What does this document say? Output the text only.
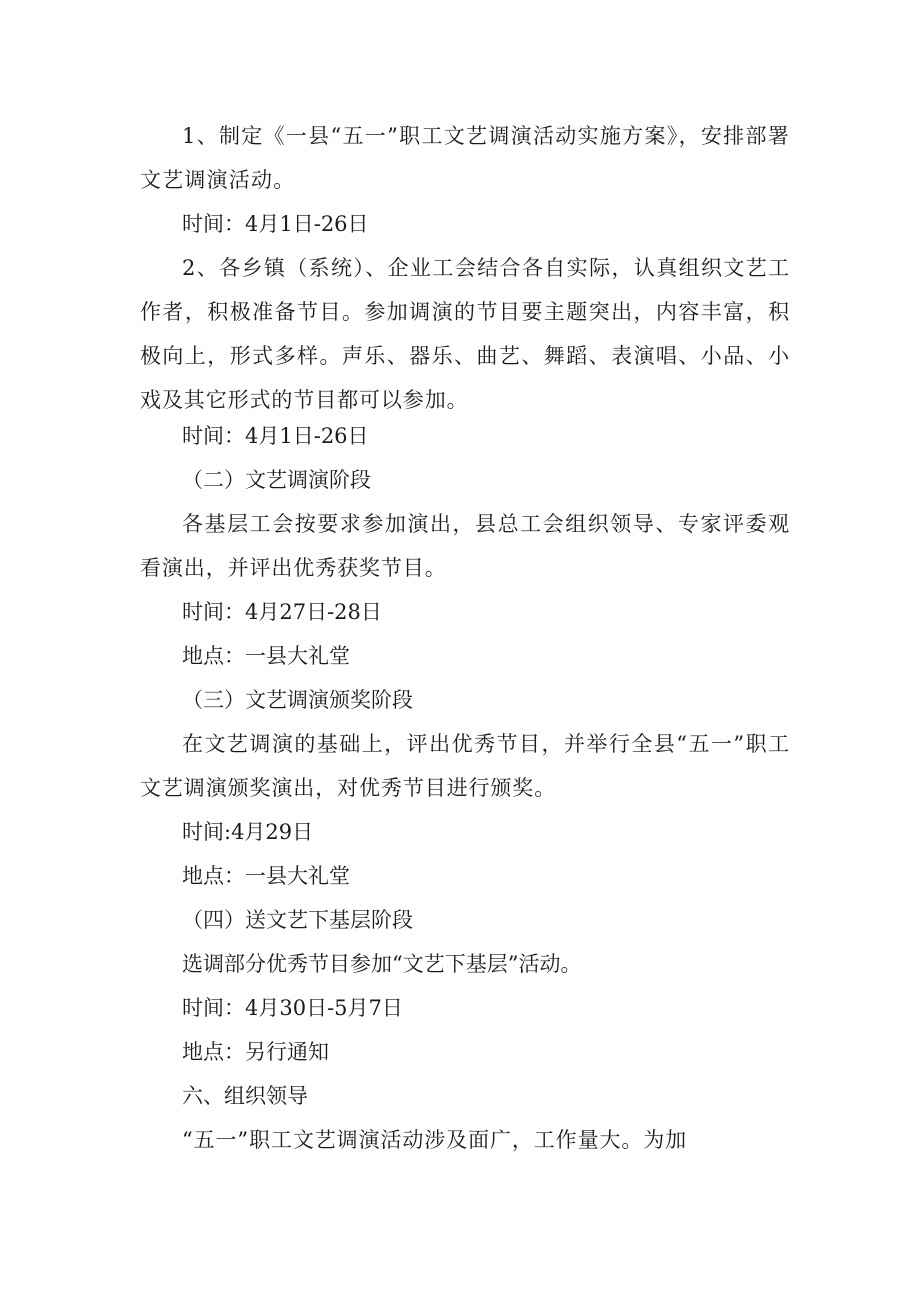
1、制定《一县“五一”职工文艺调演活动实施方案》，安排部署文艺调演活动。

时间：4月1日-26日

2、各乡镇（系统）、企业工会结合各自实际，认真组织文艺工作者，积极准备节目。参加调演的节目要主题突出，内容丰富，积极向上，形式多样。声乐、器乐、曲艺、舞蹈、表演唱、小品、小戏及其它形式的节目都可以参加。

时间：4月1日-26日

（二）文艺调演阶段

各基层工会按要求参加演出，县总工会组织领导、专家评委观看演出，并评出优秀获奖节目。

时间：4月27日-28日

地点：一县大礼堂

（三）文艺调演颁奖阶段

在文艺调演的基础上，评出优秀节目，并举行全县“五一”职工文艺调演颁奖演出，对优秀节目进行颁奖。

时间:4月29日

地点：一县大礼堂

（四）送文艺下基层阶段

选调部分优秀节目参加“文艺下基层”活动。

时间：4月30日-5月7日

地点：另行通知

六、组织领导

“五一”职工文艺调演活动涉及面广，工作量大。为加
